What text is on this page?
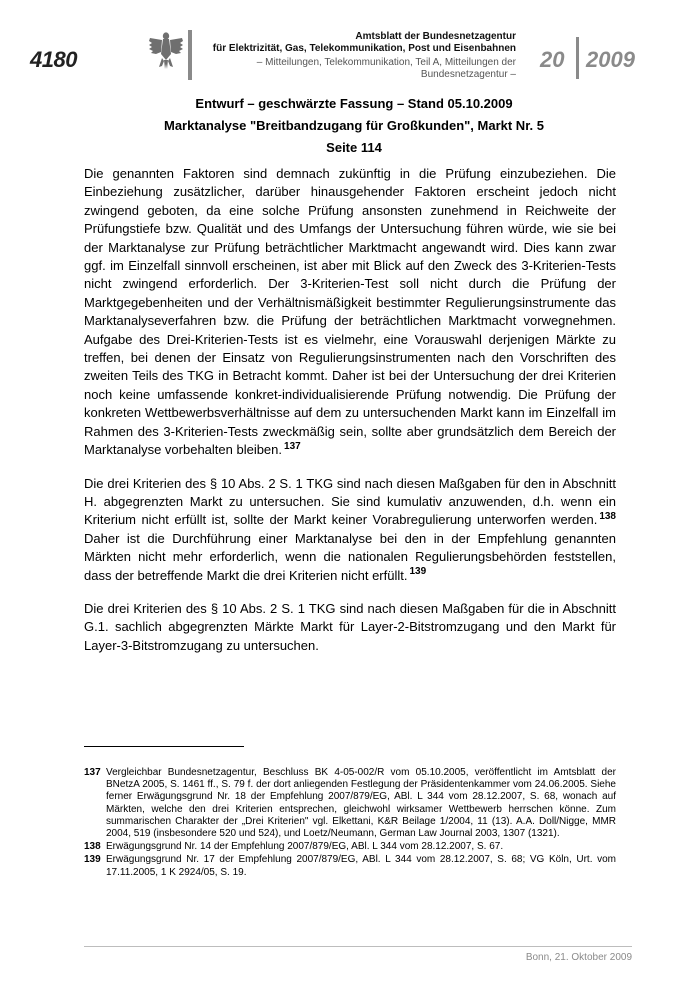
4180
Amtsblatt der Bundesnetzagentur
für Elektrizität, Gas, Telekommunikation, Post und Eisenbahnen
– Mitteilungen, Telekommunikation, Teil A, Mitteilungen der Bundesnetzagentur –
20 2009
Entwurf – geschwärzte Fassung – Stand 05.10.2009
Marktanalyse "Breitbandzugang für Großkunden", Markt Nr. 5
Seite 114

Die genannten Faktoren sind demnach zukünftig in die Prüfung einzubeziehen. Die Einbeziehung zusätzlicher, darüber hinausgehender Faktoren erscheint jedoch nicht zwingend geboten, da eine solche Prüfung ansonsten zunehmend in Reichweite der Prüfungstiefe bzw. Qualität und des Umfangs der Untersuchung führen würde, wie sie bei der Marktanalyse zur Prüfung beträchtlicher Marktmacht angewandt wird. Dies kann zwar ggf. im Einzelfall sinnvoll erscheinen, ist aber mit Blick auf den Zweck des 3-Kriterien-Tests nicht zwingend erforderlich. Der 3-Kriterien-Test soll nicht durch die Prüfung der Marktgegebenheiten und der Verhältnismäßigkeit bestimmter Regulierungsinstrumente das Marktanalyseverfahren bzw. die Prüfung der beträchtlichen Marktmacht vorwegnehmen. Aufgabe des Drei-Kriterien-Tests ist es vielmehr, eine Vorauswahl derjenigen Märkte zu treffen, bei denen der Einsatz von Regulierungsinstrumenten nach den Vorschriften des zweiten Teils des TKG in Betracht kommt. Daher ist bei der Untersuchung der drei Kriterien noch keine umfassende konkret-individualisierende Prüfung notwendig. Die Prüfung der konkreten Wettbewerbsverhältnisse auf dem zu untersuchenden Markt kann im Einzelfall im Rahmen des 3-Kriterien-Tests zweckmäßig sein, sollte aber grundsätzlich dem Bereich der Marktanalyse vorbehalten bleiben. $^{137}$

Die drei Kriterien des § 10 Abs. 2 S. 1 TKG sind nach diesen Maßgaben für den in Abschnitt H. abgegrenzten Markt zu untersuchen. Sie sind kumulativ anzuwenden, d.h. wenn ein Kriterium nicht erfüllt ist, sollte der Markt keiner Vorabregulierung unterworfen werden. $^{138}$ Daher ist die Durchführung einer Marktanalyse bei den in der Empfehlung genannten Märkten nicht mehr erforderlich, wenn die nationalen Regulierungsbehörden feststellen, dass der betreffende Markt die drei Kriterien nicht erfüllt. $^{139}$

Die drei Kriterien des § 10 Abs. 2 S. 1 TKG sind nach diesen Maßgaben für die in Abschnitt G.1. sachlich abgegrenzten Märkte Markt für Layer-2-Bitstromzugang und den Markt für Layer-3-Bitstromzugang zu untersuchen.

137 Vergleichbar Bundesnetzagentur, Beschluss BK 4-05-002/R vom 05.10.2005, veröffentlicht im Amtsblatt der BNetzA 2005, S. 1461 ff., S. 79 f. der dort anliegenden Festlegung der Präsidentenkammer vom 24.06.2005. Siehe ferner Erwägungsgrund Nr. 18 der Empfehlung 2007/879/EG, ABl. L 344 vom 28.12.2007, S. 68, wonach auf Märkten, welche den drei Kriterien entsprechen, gleichwohl wirksamer Wettbewerb herrschen könne. Zum summarischen Charakter der „Drei Kriterien" vgl. Elkettani, K&R Beilage 1/2004, 11 (13). A.A. Doll/Nigge, MMR 2004, 519 (insbesondere 520 und 524), und Loetz/Neumann, German Law Journal 2003, 1307 (1321).
138 Erwägungsgrund Nr. 14 der Empfehlung 2007/879/EG, ABl. L 344 vom 28.12.2007, S. 67.
139 Erwägungsgrund Nr. 17 der Empfehlung 2007/879/EG, ABl. L 344 vom 28.12.2007, S. 68; VG Köln, Urt. vom 17.11.2005, 1 K 2924/05, S. 19.
Bonn, 21. Oktober 2009
